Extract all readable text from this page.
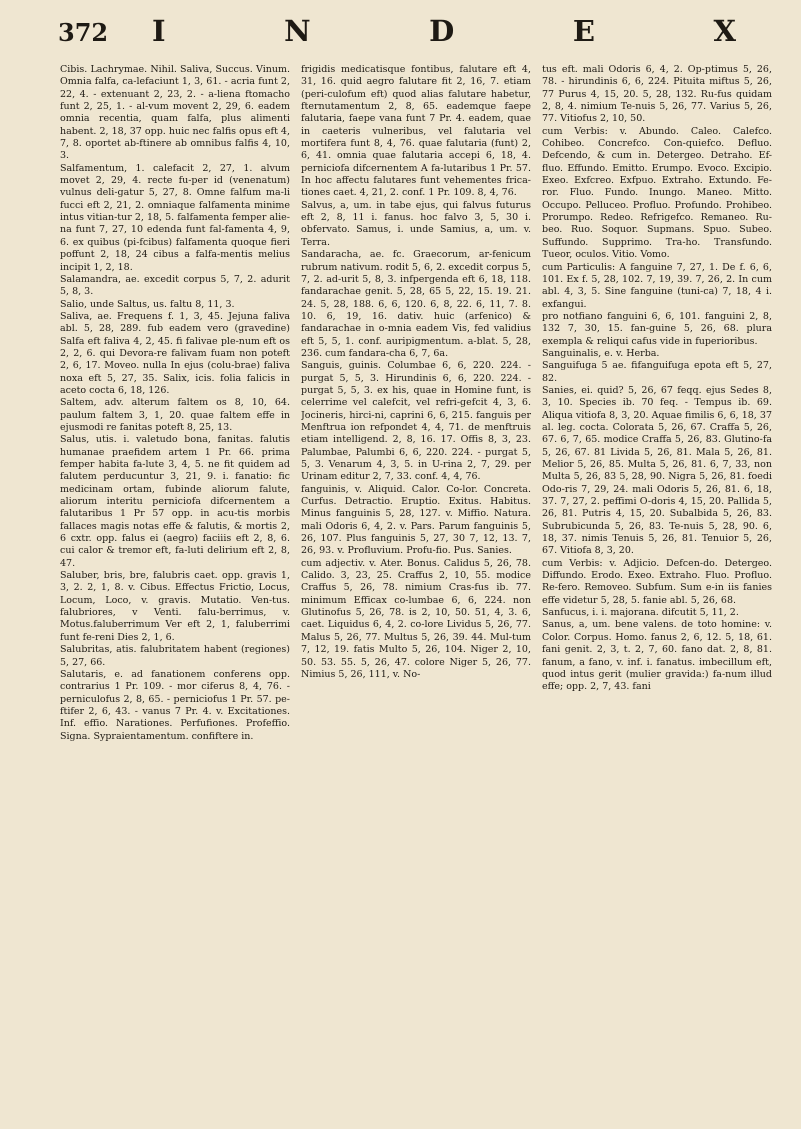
372 I	N	D	E	X

Cibis. Lachrymae. Nihil. Saliva, Succus. Vinum. Omnia falfa, ca-lefaciunt 1, 3, 61. - acria funt 2, 22, 4. - extenuant 2, 23, 2. - a-liena ftomacho funt 2, 25, 1. - al-vum movent 2, 29, 6. eadem omnia recentia, quam falfa, plus alimenti habent. 2, 18, 37 opp. huic nec falfis opus eft 4, 7, 8. oportet ab-ftinere ab omnibus falfis 4, 10, 3.

Salfamentum, 1. calefacit 2, 27, 1. alvum movet 2, 29, 4. recte fu-per id (venenatum) vulnus deli-gatur 5, 27, 8. Omne falfum ma-li fucci eft 2, 21, 2. omniaque falfamenta minime intus vitian-tur 2, 18, 5. falfamenta femper alie-na funt 7, 27, 10 edenda funt fal-famenta 4, 9, 6. ex quibus (pi-fcibus) falfamenta quoque fieri poffunt 2, 18, 24 cibus a falfa-mentis melius incipit 1, 2, 18.

Salamandra, ae. excedit corpus 5, 7, 2. adurit 5, 8, 3.

Salio, unde Saltus, us. faltu 8, 11, 3.

Saliva, ae. Frequens f. 1, 3, 45. Jejuna faliva abl. 5, 28, 289. fub eadem vero (gravedine) Salfa eft faliva 4, 2, 45. fi falivae ple-num eft os 2, 2, 6. qui Devora-re falivam fuam non poteft 2, 6, 17. Moveo. nulla In ejus (colu-brae) faliva noxa eft 5, 27, 35. Salix, icis. folia falicis in aceto cocta 6, 18, 126.

Saltem, adv. alterum faltem os 8, 10, 64. paulum faltem 3, 1, 20. quae faltem effe in ejusmodi re fanitas poteft 8, 25, 13.

Salus, utis. i. valetudo bona, fanitas. falutis humanae praefidem artem 1 Pr. 66. prima femper habita fa-lute 3, 4, 5. ne fit quidem ad falutem perducuntur 3, 21, 9. i. fanatio: fic medicinam ortam, fubinde aliorum falute, aliorum interitu perniciofa difcernentem a falutaribus 1 Pr 57 opp. in acu-tis morbis fallaces magis notas effe & falutis, & mortis 2, 6 cxtr. opp. falus ei (aegro) faciiis eft 2, 8, 6. cui calor & tremor eft, fa-luti delirium eft 2, 8, 47.

Saluber, bris, bre, falubris caet. opp. gravis 1, 3, 2. 2, 1, 8. v. Cibus. Effectus Frictio, Locus, Locum, Loco, v. gravis. Mutatio. Ven-tus. falubriores, v Venti. falu-berrimus, v. Motus.faluberrimum Ver eft 2, 1, faluberrimi funt fe-reni Dies 2, 1, 6.

Salubritas, atis. falubritatem habent (regiones) 5, 27, 66.

Salutaris, e. ad fanationem conferens opp. contrarius 1 Pr. 109. - mor ciferus 8, 4, 76. - perniculofus 2, 8, 65. - perniciofus 1 Pr. 57. pe-ftifer 2, 6, 43. - vanus 7 Pr. 4. v. Excitationes. Inf. effio. Narationes. Perfufiones. Profeffio. Signa. Sypraientamentum. confiftere in.

frigidis medicatisque fontibus, falutare eft 4, 31, 16. quid aegro falutare fit 2, 16, 7. etiam (peri-culofum eft) quod alias falutare habetur, fternutamentum 2, 8, 65. eademque faepe falutaria, faepe vana funt 7 Pr. 4. eadem, quae in caeteris vulneribus, vel falutaria vel mortifera funt 8, 4, 76. quae falutaria (funt) 2, 6, 41. omnia quae falutaria accepi 6, 18, 4. perniciofa difcernentem A fa-lutaribus 1 Pr. 57. In hoc affectu falutares funt vehementes frica-tiones caet. 4, 21, 2. conf. 1 Pr. 109. 8, 4, 76.

Salvus, a, um. in tabe ejus, qui falvus futurus eft 2, 8, 11 i. fanus. hoc falvo 3, 5, 30 i. obfervato. Samus, i. unde Samius, a, um. v. Terra.

Sandaracha, ae. fc. Graecorum, ar-fenicum rubrum nativum. rodit 5, 6, 2. excedit corpus 5, 7, 2. ad-urit 5, 8, 3. infpergenda eft 6, 18, 118. fandarachae genit. 5, 28, 65 5, 22, 15. 19. 21. 24. 5, 28, 188. 6, 6, 120. 6, 8, 22. 6, 11, 7. 8. 10. 6, 19, 16. dativ. huic (arfenico) & fandarachae in o-mnia eadem Vis, fed validius eft 5, 5, 1. conf. auripigmentum. a-blat. 5, 28, 236. cum fandara-cha 6, 7, 6a.

Sanguis, guinis. Columbae 6, 6, 220. 224. - purgat 5, 5, 3. Hirundinis 6, 6, 220. 224. - purgat 5, 5, 3. ex his, quae in Homine funt, is celerrime vel calefcit, vel refri-gefcit 4, 3, 6. Jocineris, hirci-ni, caprini 6, 6, 215. fanguis per Menftrua ion refpondet 4, 4, 71. de menftruis etiam intelligend. 2, 8, 16. 17. Offis 8, 3, 23. Palumbae, Palumbi 6, 6, 220. 224. - purgat 5, 5, 3. Venarum 4, 3, 5. in U-rina 2, 7, 29. per Urinam editur 2, 7, 33. conf. 4, 4, 76.

fanguinis, v. Aliquid. Calor. Co-lor. Concreta. Curfus. Detractio. Eruptio. Exitus. Habitus. Minus fanguinis 5, 28, 127. v. Miffio. Natura. mali Odoris 6, 4, 2. v. Pars. Parum fanguinis 5, 26, 107. Plus fanguinis 5, 27, 30 7, 12, 13. 7, 26, 93. v. Profluvium. Profu-fio. Pus. Sanies.

cum adjectiv. v. Ater. Bonus. Calidus 5, 26, 78. Calido. 3, 23, 25. Craffus 2, 10, 55. modice Craffus 5, 26, 78. nimium Cras-fus ib. 77. minimum Efficax co-lumbae 6, 6, 224. non Glutinofus 5, 26, 78. is 2, 10, 50. 51, 4, 3. 6, caet. Liquidus 6, 4, 2. co-lore Lividus 5, 26, 77. Malus 5, 26, 77. Multus 5, 26, 39. 44. Mul-tum 7, 12, 19. fatis Multo 5, 26, 104. Niger 2, 10, 50. 53. 55. 5, 26, 47. colore Niger 5, 26, 77. Nimius 5, 26, 111, v. No-

tus eft. mali Odoris 6, 4, 2. Op-ptimus 5, 26, 78. - hirundinis 6, 6, 224. Pituita miftus 5, 26, 77 Purus 4, 15, 20. 5, 28, 132. Ru-fus quidam 2, 8, 4. nimium Te-nuis 5, 26, 77. Varius 5, 26, 77. Vitiofus 2, 10, 50.

cum Verbis: v. Abundo. Caleo. Calefco. Cohibeo. Concrefco. Con-quiefco. Defluo. Defcendo, & cum in. Detergeo. Detraho. Ef-fluo. Effundo. Emitto. Erumpo. Evoco. Excipio. Exeo. Exfcreo. Exfpuo. Extraho. Extundo. Fe-ror. Fluo. Fundo. Inungo. Maneo. Mitto. Occupo. Pelluceo. Profluo. Profundo. Prohibeo. Prorumpo. Redeo. Refrigefco. Remaneo. Ru-beo. Ruo. Soquor. Supmans. Spuo. Subeo. Suffundo. Supprimo. Tra-ho. Transfundo. Tueor, oculos. Vitio. Vomo.

cum Particulis: A fanguine 7, 27, 1. De f. 6, 6, 101. Ex f. 5, 28, 102. 7, 19, 39. 7, 26, 2. In cum abl. 4, 3, 5. Sine fanguine (tuni-ca) 7, 18, 4 i. exfangui.

pro notfiano fanguini 6, 6, 101. fanguini 2, 8, 132 7, 30, 15. fan-guine 5, 26, 68. plura exempla & reliqui cafus vide in fuperioribus.

Sanguinalis, e. v. Herba.

Sanguifuga 5 ae. fifanguifuga epota eft 5, 27, 82.

Sanies, ei. quid? 5, 26, 67 feqq. ejus Sedes 8, 3, 10. Species ib. 70 feq. - Tempus ib. 69. Aliqua vitiofa 8, 3, 20. Aquae fimilis 6, 6, 18, 37 al. leg. cocta. Colorata 5, 26, 67. Craffa 5, 26, 67. 6, 7, 65. modice Craffa 5, 26, 83. Glutino-fa 5, 26, 67. 81 Livida 5, 26, 81. Mala 5, 26, 81. Melior 5, 26, 85. Multa 5, 26, 81. 6, 7, 33, non Multa 5, 26, 83 5, 28, 90. Nigra 5, 26, 81. foedi Odo-ris 7, 29, 24. mali Odoris 5, 26, 81. 6, 18, 37. 7, 27, 2. peffimi O-doris 4, 15, 20. Pallida 5, 26, 81. Putris 4, 15, 20. Subalbida 5, 26, 83. Subrubicunda 5, 26, 83. Te-nuis 5, 28, 90. 6, 18, 37. nimis Tenuis 5, 26, 81. Tenuior 5, 26, 67. Vitiofa 8, 3, 20.

cum Verbis: v. Adjicio. Defcen-do. Detergeo. Diffundo. Erodo. Exeo. Extraho. Fluo. Profluo. Re-fero. Removeo. Subfum. Sum e-in iis fanies effe videtur 5, 28, 5. fanie abl. 5, 26, 68.

Sanfucus, i. i. majorana. difcutit 5, 11, 2.

Sanus, a, um. bene valens. de toto homine: v. Color. Corpus. Homo. fanus 2, 6, 12. 5, 18, 61. fani genit. 2, 3, t. 2, 7, 60. fano dat. 2, 8, 81. fanum, a fano, v. inf. i. fanatus. imbecillum eft, quod intus gerit (mulier gravida:) fa-num illud effe; opp. 2, 7, 43. fani
